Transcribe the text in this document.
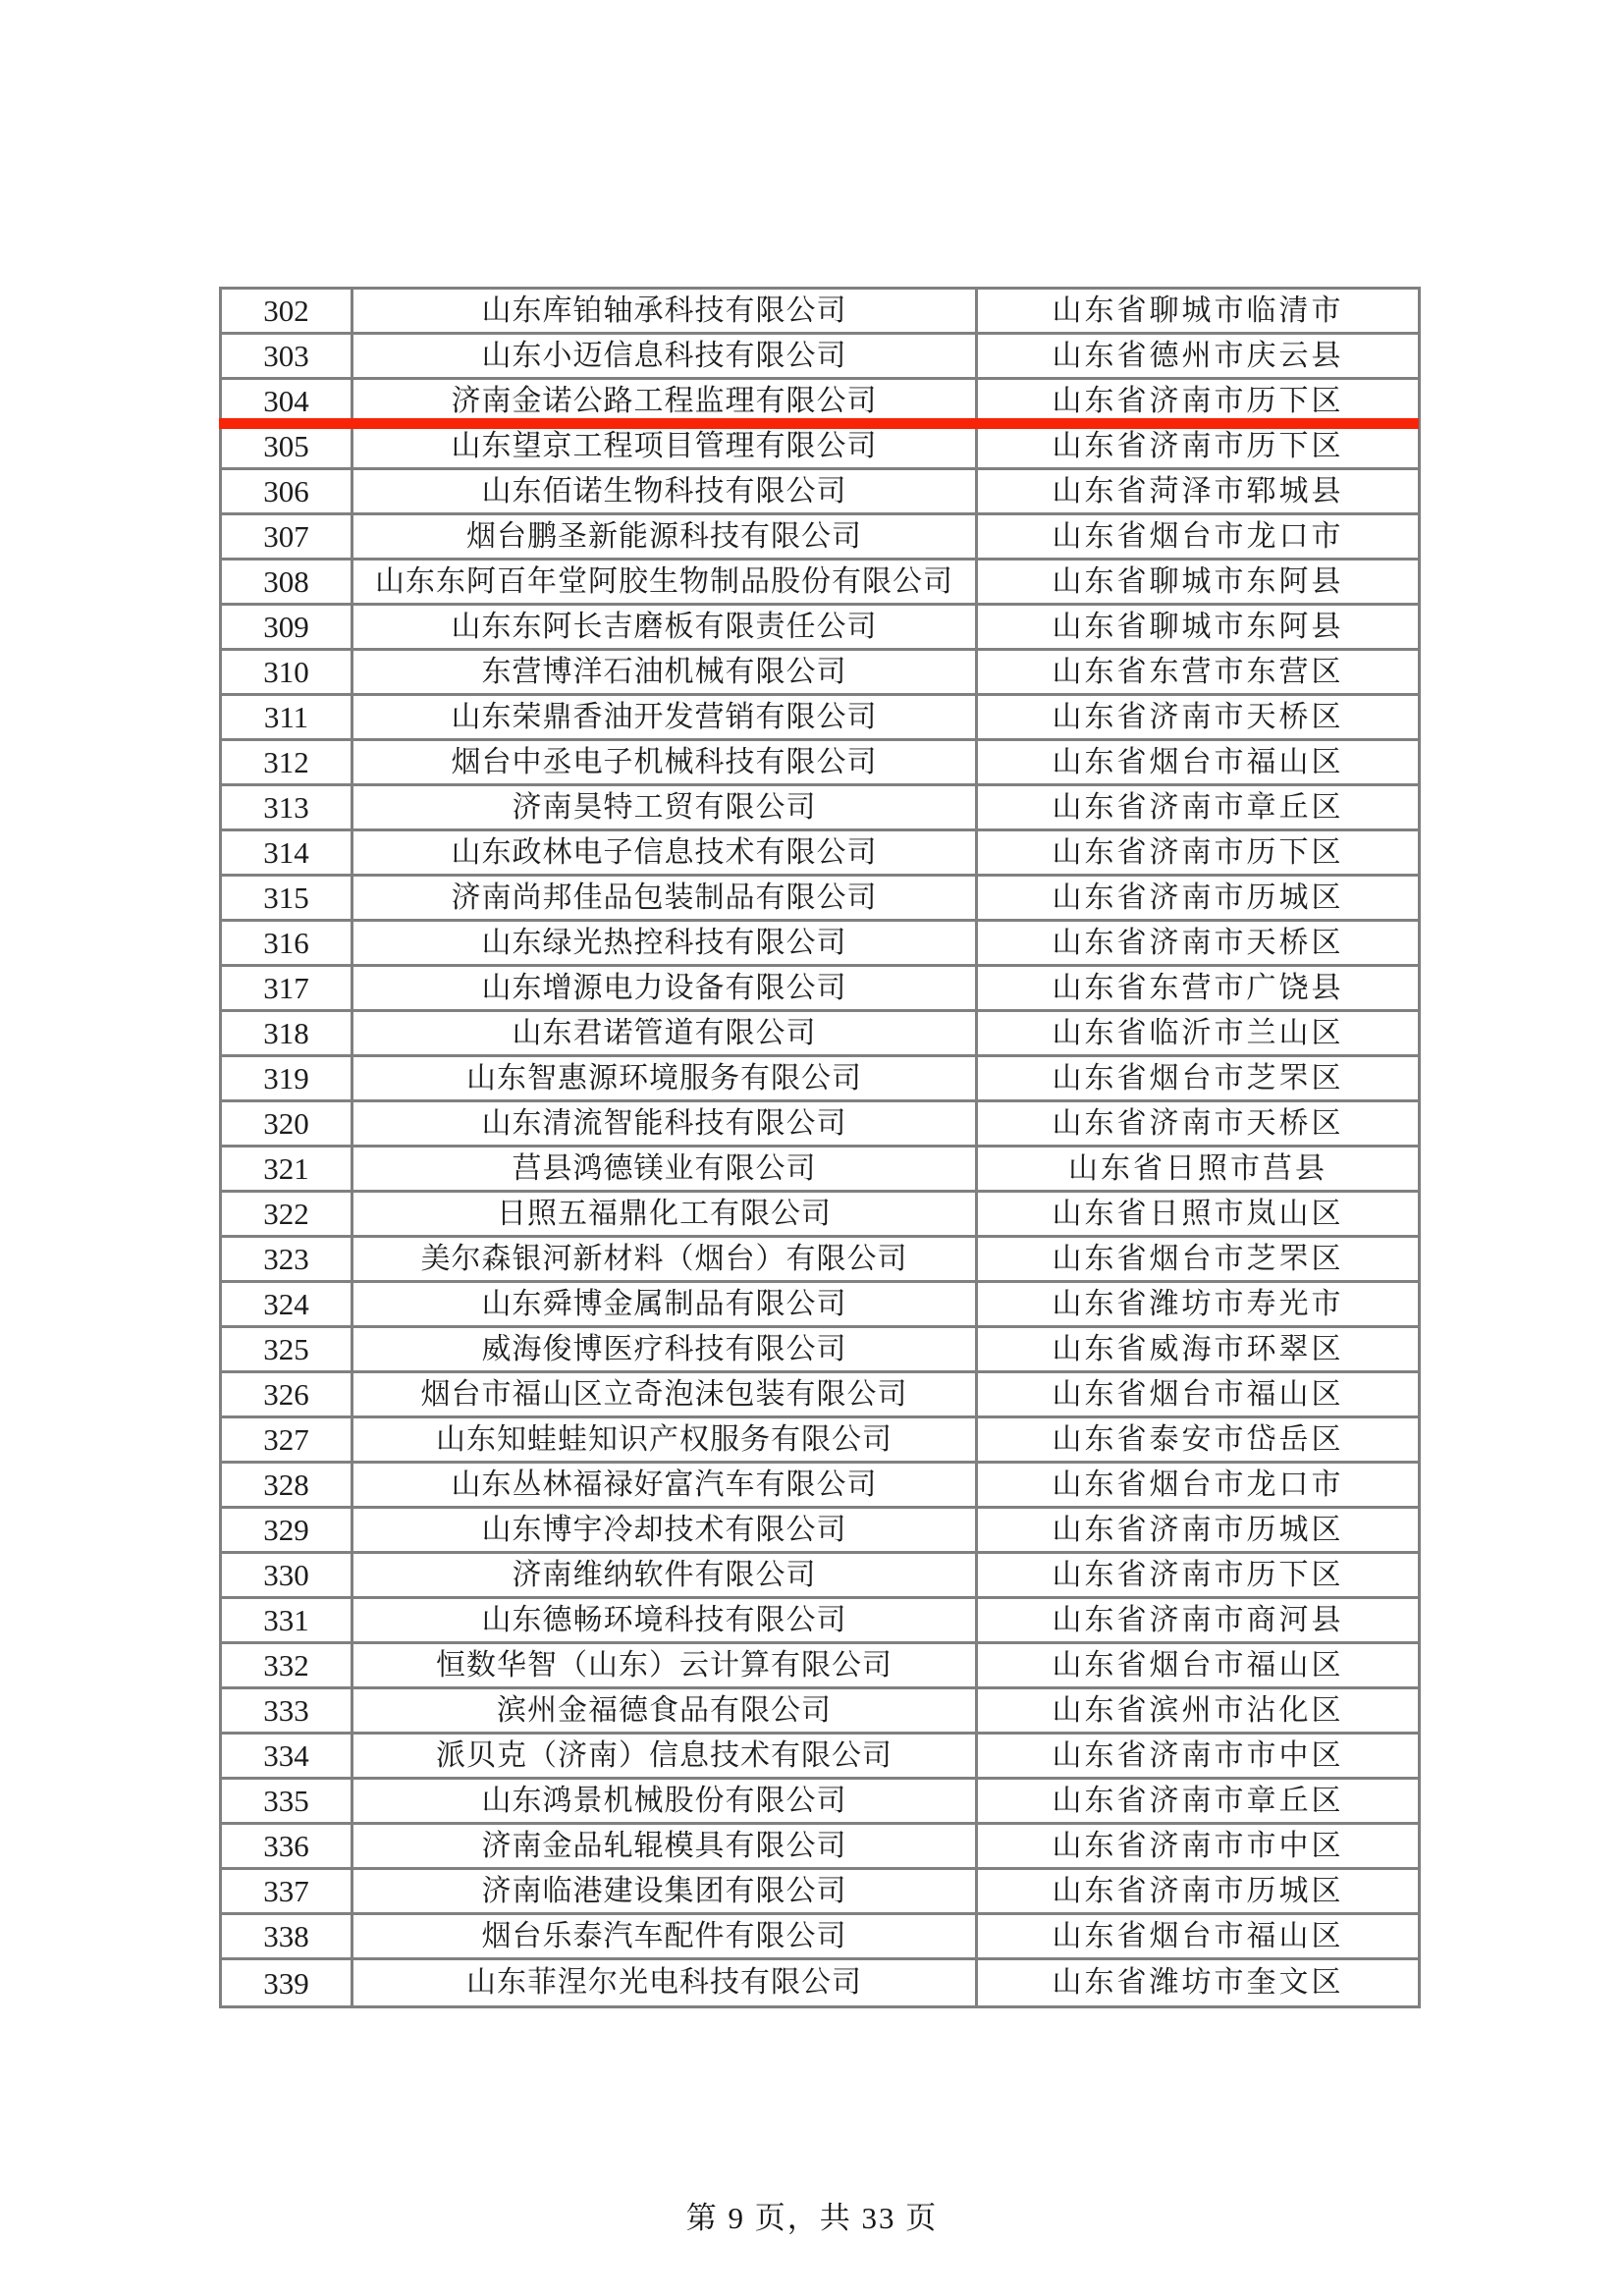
302	山东库铂轴承科技有限公司	山东省聊城市临清市
303	山东小迈信息科技有限公司	山东省德州市庆云县
304	济南金诺公路工程监理有限公司	山东省济南市历下区
305	山东望京工程项目管理有限公司	山东省济南市历下区
306	山东佰诺生物科技有限公司	山东省菏泽市郓城县
307	烟台鹏圣新能源科技有限公司	山东省烟台市龙口市
308	山东东阿百年堂阿胶生物制品股份有限公司	山东省聊城市东阿县
309	山东东阿长吉磨板有限责任公司	山东省聊城市东阿县
310	东营博洋石油机械有限公司	山东省东营市东营区
311	山东荣鼎香油开发营销有限公司	山东省济南市天桥区
312	烟台中丞电子机械科技有限公司	山东省烟台市福山区
313	济南昊特工贸有限公司	山东省济南市章丘区
314	山东政林电子信息技术有限公司	山东省济南市历下区
315	济南尚邦佳品包装制品有限公司	山东省济南市历城区
316	山东绿光热控科技有限公司	山东省济南市天桥区
317	山东增源电力设备有限公司	山东省东营市广饶县
318	山东君诺管道有限公司	山东省临沂市兰山区
319	山东智惠源环境服务有限公司	山东省烟台市芝罘区
320	山东清流智能科技有限公司	山东省济南市天桥区
321	莒县鸿德镁业有限公司	山东省日照市莒县
322	日照五福鼎化工有限公司	山东省日照市岚山区
323	美尔森银河新材料（烟台）有限公司	山东省烟台市芝罘区
324	山东舜博金属制品有限公司	山东省潍坊市寿光市
325	威海俊博医疗科技有限公司	山东省威海市环翠区
326	烟台市福山区立奇泡沫包装有限公司	山东省烟台市福山区
327	山东知蛙蛙知识产权服务有限公司	山东省泰安市岱岳区
328	山东丛林福禄好富汽车有限公司	山东省烟台市龙口市
329	山东博宇冷却技术有限公司	山东省济南市历城区
330	济南维纳软件有限公司	山东省济南市历下区
331	山东德畅环境科技有限公司	山东省济南市商河县
332	恒数华智（山东）云计算有限公司	山东省烟台市福山区
333	滨州金福德食品有限公司	山东省滨州市沾化区
334	派贝克（济南）信息技术有限公司	山东省济南市市中区
335	山东鸿景机械股份有限公司	山东省济南市章丘区
336	济南金品轧辊模具有限公司	山东省济南市市中区
337	济南临港建设集团有限公司	山东省济南市历城区
338	烟台乐泰汽车配件有限公司	山东省烟台市福山区
339	山东菲涅尔光电科技有限公司	山东省潍坊市奎文区
第 9 页，共 33 页
